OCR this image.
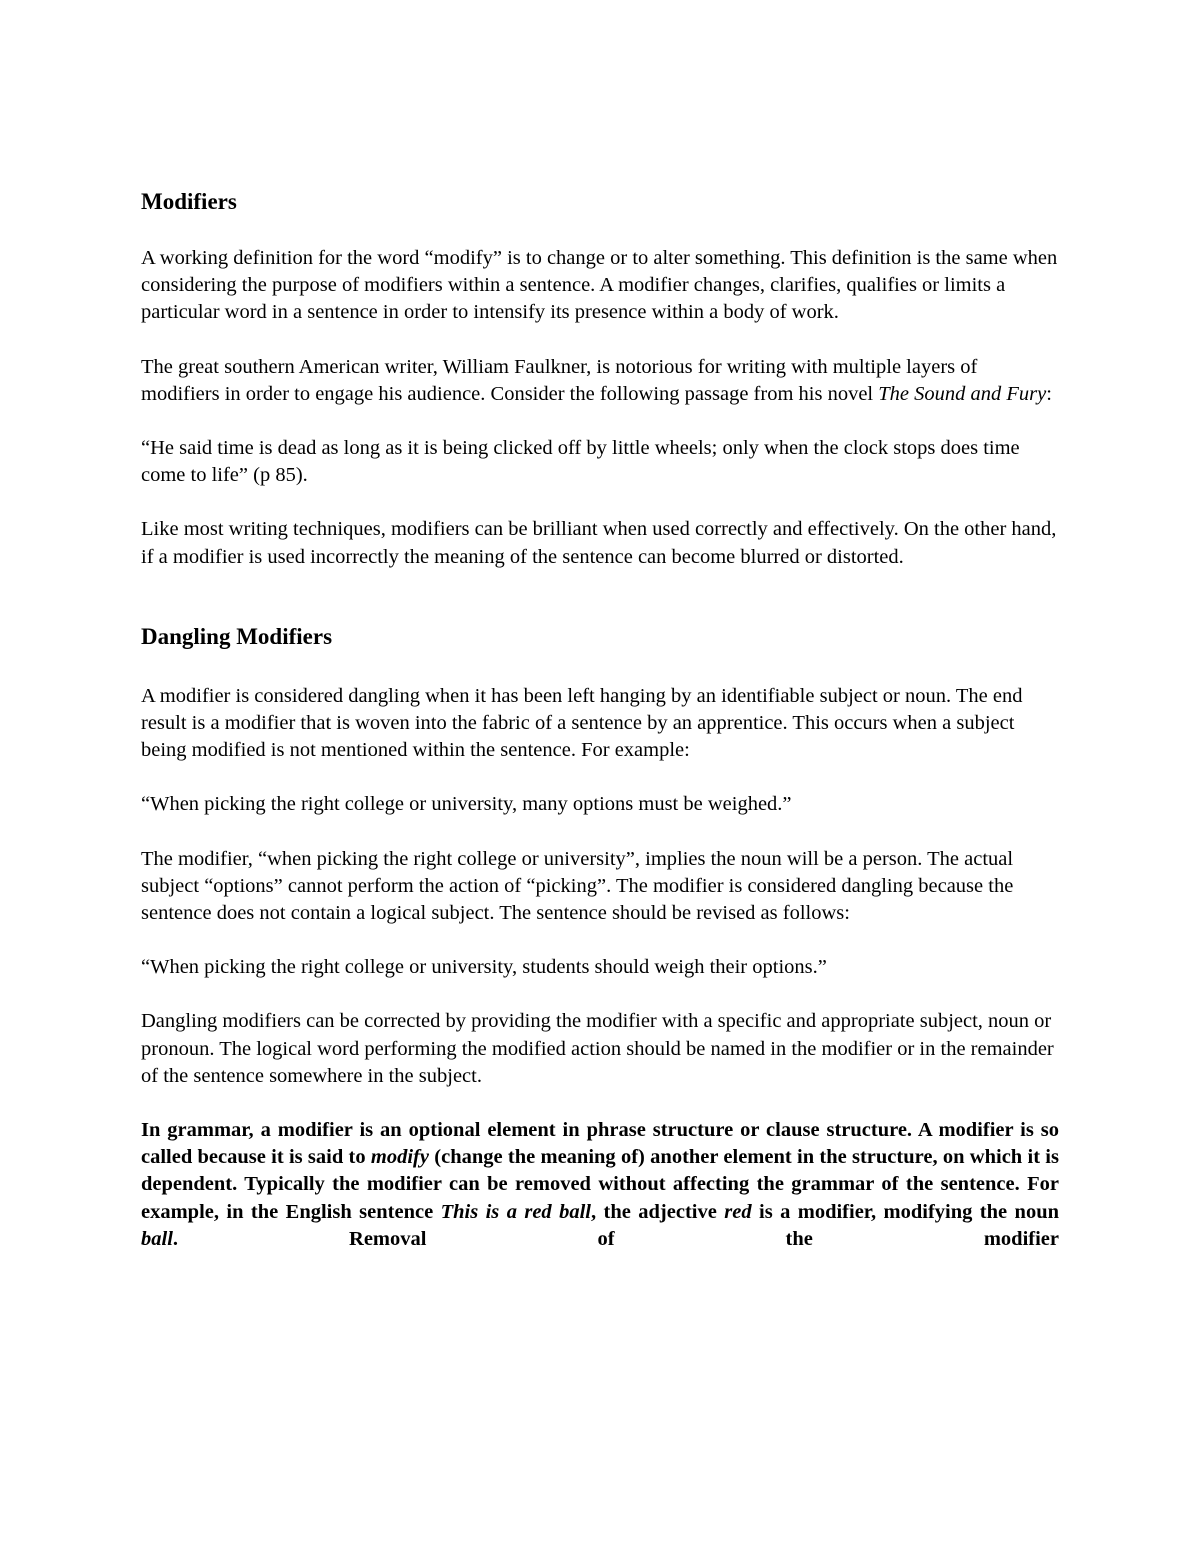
Modifiers

A working definition for the word “modify” is to change or to alter something. This definition is the same when considering the purpose of modifiers within a sentence. A modifier changes, clarifies, qualifies or limits a particular word in a sentence in order to intensify its presence within a body of work.

The great southern American writer, William Faulkner, is notorious for writing with multiple layers of modifiers in order to engage his audience. Consider the following passage from his novel The Sound and Fury:

“He said time is dead as long as it is being clicked off by little wheels; only when the clock stops does time come to life” (p 85).

Like most writing techniques, modifiers can be brilliant when used correctly and effectively. On the other hand, if a modifier is used incorrectly the meaning of the sentence can become blurred or distorted.

Dangling Modifiers

A modifier is considered dangling when it has been left hanging by an identifiable subject or noun. The end result is a modifier that is woven into the fabric of a sentence by an apprentice. This occurs when a subject being modified is not mentioned within the sentence. For example:

“When picking the right college or university, many options must be weighed.”

The modifier, “when picking the right college or university”, implies the noun will be a person. The actual subject “options” cannot perform the action of “picking”. The modifier is considered dangling because the sentence does not contain a logical subject. The sentence should be revised as follows:

“When picking the right college or university, students should weigh their options.”

Dangling modifiers can be corrected by providing the modifier with a specific and appropriate subject, noun or pronoun. The logical word performing the modified action should be named in the modifier or in the remainder of the sentence somewhere in the subject.

In grammar, a modifier is an optional element in phrase structure or clause structure. A modifier is so called because it is said to modify (change the meaning of) another element in the structure, on which it is dependent. Typically the modifier can be removed without affecting the grammar of the sentence. For example, in the English sentence This is a red ball, the adjective red is a modifier, modifying the noun ball. Removal of the modifier
